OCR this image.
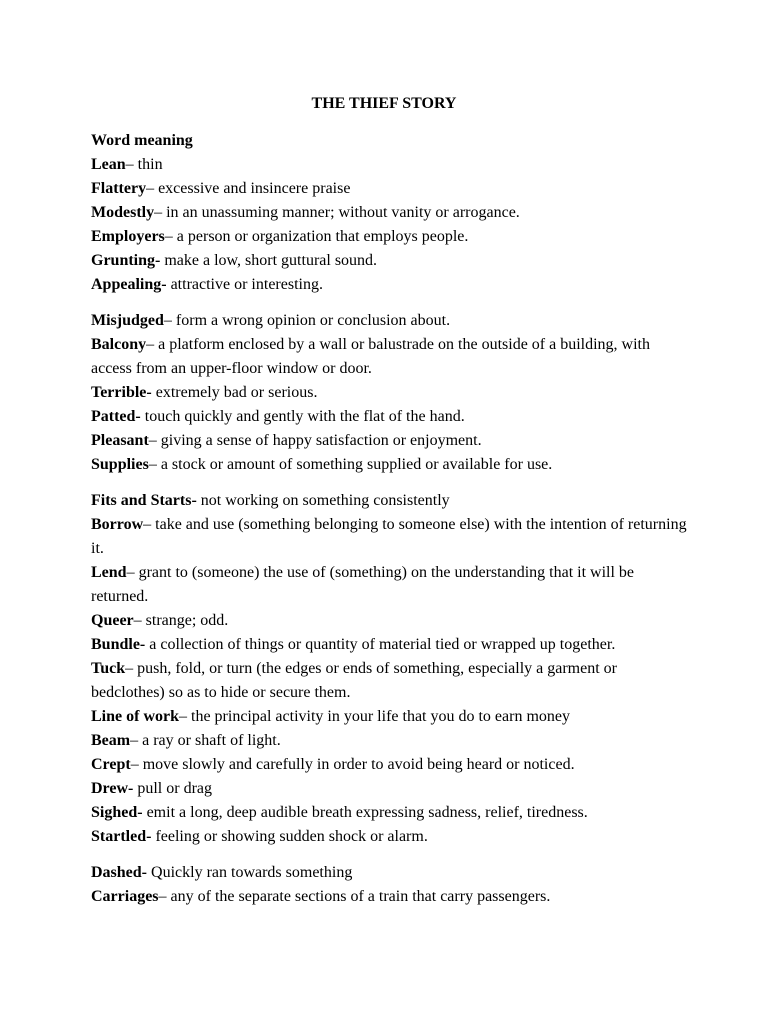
THE THIEF STORY
Word meaning
Lean– thin
Flattery– excessive and insincere praise
Modestly– in an unassuming manner; without vanity or arrogance.
Employers– a person or organization that employs people.
Grunting- make a low, short guttural sound.
Appealing- attractive or interesting.
Misjudged– form a wrong opinion or conclusion about.
Balcony– a platform enclosed by a wall or balustrade on the outside of a building, with access from an upper-floor window or door.
Terrible- extremely bad or serious.
Patted- touch quickly and gently with the flat of the hand.
Pleasant– giving a sense of happy satisfaction or enjoyment.
Supplies– a stock or amount of something supplied or available for use.
Fits and Starts- not working on something consistently
Borrow– take and use (something belonging to someone else) with the intention of returning it.
Lend– grant to (someone) the use of (something) on the understanding that it will be returned.
Queer– strange; odd.
Bundle- a collection of things or quantity of material tied or wrapped up together.
Tuck– push, fold, or turn (the edges or ends of something, especially a garment or bedclothes) so as to hide or secure them.
Line of work– the principal activity in your life that you do to earn money
Beam– a ray or shaft of light.
Crept– move slowly and carefully in order to avoid being heard or noticed.
Drew- pull or drag
Sighed- emit a long, deep audible breath expressing sadness, relief, tiredness.
Startled- feeling or showing sudden shock or alarm.
Dashed- Quickly ran towards something
Carriages– any of the separate sections of a train that carry passengers.
